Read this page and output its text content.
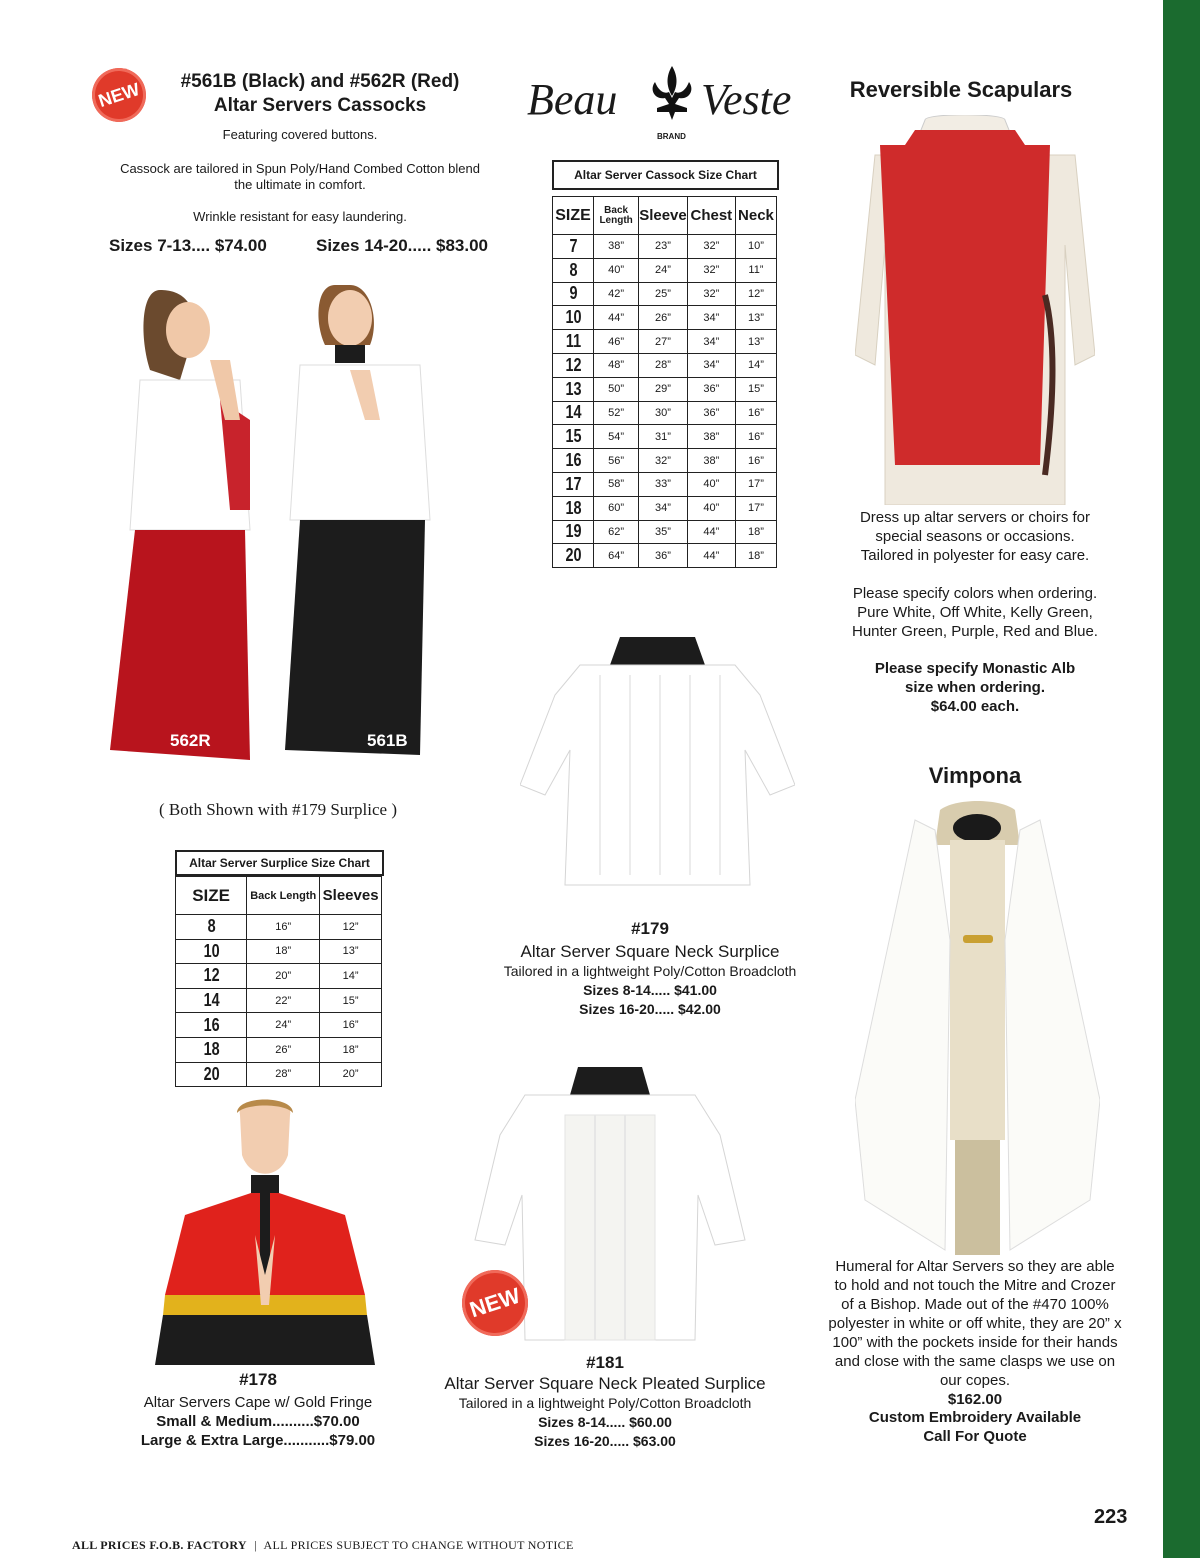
NEW	#561B (Black) and #562R (Red)
Altar Servers Cassocks
Featuring covered buttons.
Cassock are tailored in Spun Poly/Hand Combed Cotton blend
the ultimate in comfort.
Wrinkle resistant for easy laundering.
Sizes 7-13.... $74.00	Sizes 14-20..... $83.00
562R	561B
( Both Shown with #179 Surplice )
Beau Veste
BRAND
Altar Server Cassock Size Chart
SIZE	Back Length	Sleeve	Chest	Neck
7	38”	23”	32”	10”
8	40”	24”	32”	11”
9	42”	25”	32”	12”
10	44”	26”	34”	13”
11	46”	27”	34”	13”
12	48”	28”	34”	14”
13	50”	29”	36”	15”
14	52”	30”	36”	16”
15	54”	31”	38”	16”
16	56”	32”	38”	16”
17	58”	33”	40”	17”
18	60”	34”	40”	17”
19	62”	35”	44”	18”
20	64”	36”	44”	18”
Reversible Scapulars
Dress up altar servers or choirs for
special seasons or occasions.
Tailored in polyester for easy care.
Please specify colors when ordering.
Pure White, Off White, Kelly Green,
Hunter Green, Purple, Red and Blue.
Please specify Monastic Alb
size when ordering.
$64.00 each.
#179
Altar Server Square Neck Surplice
Tailored in a lightweight Poly/Cotton Broadcloth
Sizes 8-14..... $41.00
Sizes 16-20..... $42.00
Vimpona
Humeral for Altar Servers so they are able
to hold and not touch the Mitre and Crozer
of a Bishop. Made out of the #470 100%
polyester in white or off white, they are 20” x
100” with the pockets inside for their hands
and close with the same clasps we use on
our copes.
$162.00
Custom Embroidery Available
Call For Quote
Altar Server Surplice Size Chart
SIZE	Back Length	Sleeves
8	16”	12”
10	18”	13”
12	20”	14”
14	22”	15”
16	24”	16”
18	26”	18”
20	28”	20”
#178
Altar Servers Cape w/ Gold Fringe
Small & Medium..........$70.00
Large & Extra Large...........$79.00
NEW
#181
Altar Server Square Neck Pleated Surplice
Tailored in a lightweight Poly/Cotton Broadcloth
Sizes 8-14..... $60.00
Sizes 16-20..... $63.00
ALL PRICES F.O.B. FACTORY | ALL PRICES SUBJECT TO CHANGE WITHOUT NOTICE
223
